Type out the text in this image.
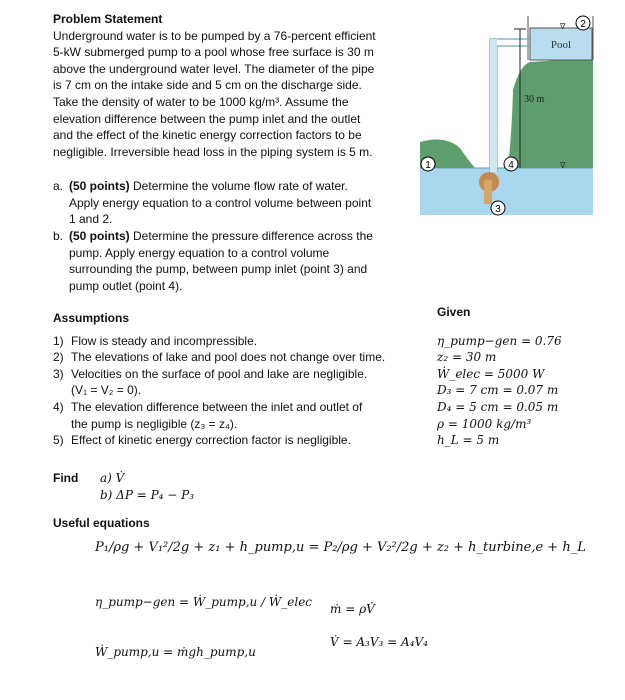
Problem Statement
Underground water is to be pumped by a 76-percent efficient
5-kW submerged pump to a pool whose free surface is 30 m
above the underground water level. The diameter of the pipe
is 7 cm on the intake side and 5 cm on the discharge side.
Take the density of water to be 1000 kg/m³. Assume the
elevation difference between the pump inlet and the outlet
and the effect of the kinetic energy correction factors to be
negligible. Irreversible head loss in the piping system is 5 m.
a. (50 points) Determine the volume flow rate of water.
Apply energy equation to a control volume between point
1 and 2.
b. (50 points) Determine the pressure difference across the
pump. Apply energy equation to a control volume
surrounding the pump, between pump inlet (point 3) and
pump outlet (point 4).
Pool
30 m
∇
∇
1
2
3
4
Assumptions
1) Flow is steady and incompressible.
2) The elevations of lake and pool does not change over time.
3) Velocities on the surface of pool and lake are negligible.
(V₁ = V₂ = 0).
4) The elevation difference between the inlet and outlet of
the pump is negligible (z₃ = z₄).
5) Effect of kinetic energy correction factor is negligible.
Given
η_pump−gen = 0.76
z₂ = 30 m
Ẇ_elec = 5000 W
D₃ = 7 cm = 0.07 m
D₄ = 5 cm = 0.05 m
ρ = 1000 kg/m³
h_L = 5 m
Find a) V̇
b) ΔP = P₄ − P₃
Useful equations
P₁/ρg + V₁²/2g + z₁ + h_pump,u = P₂/ρg + V₂²/2g + z₂ + h_turbine,e + h_L
η_pump−gen = Ẇ_pump,u / Ẇ_elec ṁ = ρV̇
V̇ = A₃V₃ = A₄V₄
Ẇ_pump,u = ṁgh_pump,u
